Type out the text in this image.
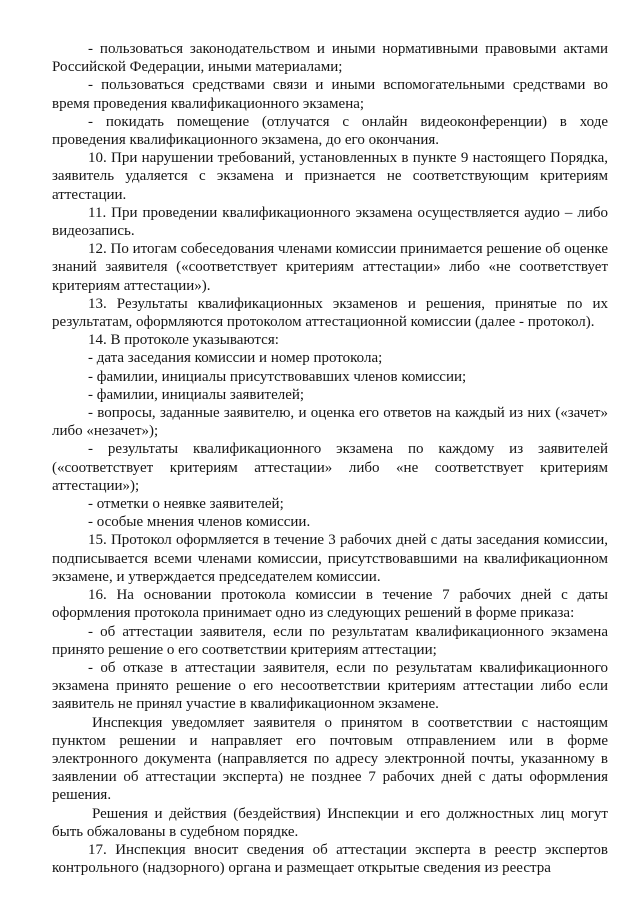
- пользоваться законодательством и иными нормативными правовыми актами Российской Федерации, иными материалами;

- пользоваться средствами связи и иными вспомогательными средствами во время проведения квалификационного экзамена;

- покидать помещение (отлучатся с онлайн видеоконференции) в ходе проведения квалификационного экзамена, до его окончания.

10. При нарушении требований, установленных в пункте 9 настоящего Порядка, заявитель удаляется с экзамена и признается не соответствующим критериям аттестации.

11. При проведении квалификационного экзамена осуществляется аудио – либо видеозапись.

12. По итогам собеседования членами комиссии принимается решение об оценке знаний заявителя («соответствует критериям аттестации» либо «не соответствует критериям аттестации»).

13. Результаты квалификационных экзаменов и решения, принятые по их результатам, оформляются протоколом аттестационной комиссии (далее - протокол).

14. В протоколе указываются:

- дата заседания комиссии и номер протокола;

- фамилии, инициалы присутствовавших членов комиссии;

- фамилии, инициалы заявителей;

- вопросы, заданные заявителю, и оценка его ответов на каждый из них («зачет» либо «незачет»);

- результаты квалификационного экзамена по каждому из заявителей («соответствует критериям аттестации» либо «не соответствует критериям аттестации»);

- отметки о неявке заявителей;

- особые мнения членов комиссии.

15. Протокол оформляется в течение 3 рабочих дней с даты заседания комиссии, подписывается всеми членами комиссии, присутствовавшими на квалификационном экзамене, и утверждается председателем комиссии.

16. На основании протокола комиссии в течение 7 рабочих дней с даты оформления протокола принимает одно из следующих решений в форме приказа:

- об аттестации заявителя, если по результатам квалификационного экзамена принято решение о его соответствии критериям аттестации;

- об отказе в аттестации заявителя, если по результатам квалификационного экзамена принято решение о его несоответствии критериям аттестации либо если заявитель не принял участие в квалификационном экзамене.

Инспекция уведомляет заявителя о принятом в соответствии с настоящим пунктом решении и направляет его почтовым отправлением или в форме электронного документа (направляется по адресу электронной почты, указанному в заявлении об аттестации эксперта) не позднее 7 рабочих дней с даты оформления решения.

Решения и действия (бездействия) Инспекции и его должностных лиц могут быть обжалованы в судебном порядке.

17. Инспекция вносит сведения об аттестации эксперта в реестр экспертов контрольного (надзорного) органа и размещает открытые сведения из реестра
